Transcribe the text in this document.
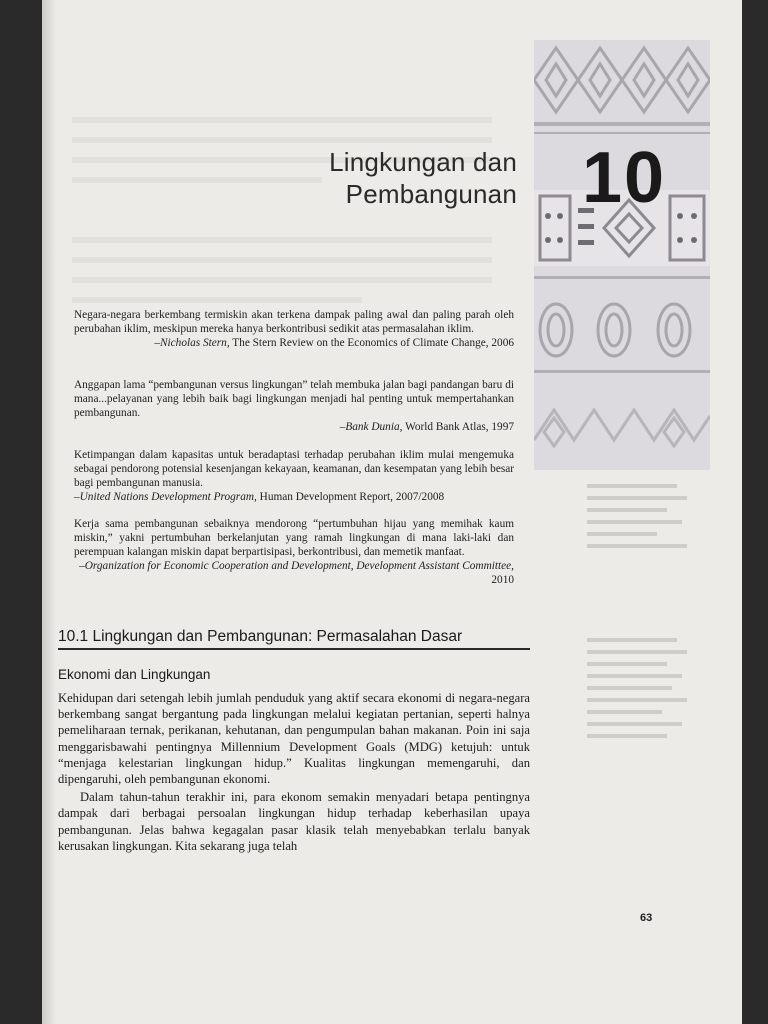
Lingkungan dan
Pembangunan 10
Negara-negara berkembang termiskin akan terkena dampak paling awal dan paling parah oleh perubahan iklim, meskipun mereka hanya berkontribusi sedikit atas permasalahan iklim.
–Nicholas Stern, The Stern Review on the Economics of Climate Change, 2006
Anggapan lama “pembangunan versus lingkungan” telah membuka jalan bagi pandangan baru di mana...pelayanan yang lebih baik bagi lingkungan menjadi hal penting untuk mempertahankan pembangunan.
–Bank Dunia, World Bank Atlas, 1997
Ketimpangan dalam kapasitas untuk beradaptasi terhadap perubahan iklim mulai mengemuka sebagai pendorong potensial kesenjangan kekayaan, keamanan, dan kesempatan yang lebih besar bagi pembangunan manusia.
–United Nations Development Program, Human Development Report, 2007/2008
Kerja sama pembangunan sebaiknya mendorong “pertumbuhan hijau yang memihak kaum miskin,” yakni pertumbuhan berkelanjutan yang ramah lingkungan di mana laki-laki dan perempuan kalangan miskin dapat berpartisipasi, berkontribusi, dan memetik manfaat.
–Organization for Economic Cooperation and Development, Development Assistant Committee, 2010
10.1 Lingkungan dan Pembangunan: Permasalahan Dasar
Ekonomi dan Lingkungan

Kehidupan dari setengah lebih jumlah penduduk yang aktif secara ekonomi di negara-negara berkembang sangat bergantung pada lingkungan melalui kegiatan pertanian, seperti halnya pemeliharaan ternak, perikanan, kehutanan, dan pengumpulan bahan makanan. Poin ini saja menggarisbawahi pentingnya Millennium Development Goals (MDG) ketujuh: untuk “menjaga kelestarian lingkungan hidup.” Kualitas lingkungan memengaruhi, dan dipengaruhi, oleh pembangunan ekonomi.

Dalam tahun-tahun terakhir ini, para ekonom semakin menyadari betapa pentingnya dampak dari berbagai persoalan lingkungan hidup terhadap keberhasilan upaya pembangunan. Jelas bahwa kegagalan pasar klasik telah menyebabkan terlalu banyak kerusakan lingkungan. Kita sekarang juga telah

63
